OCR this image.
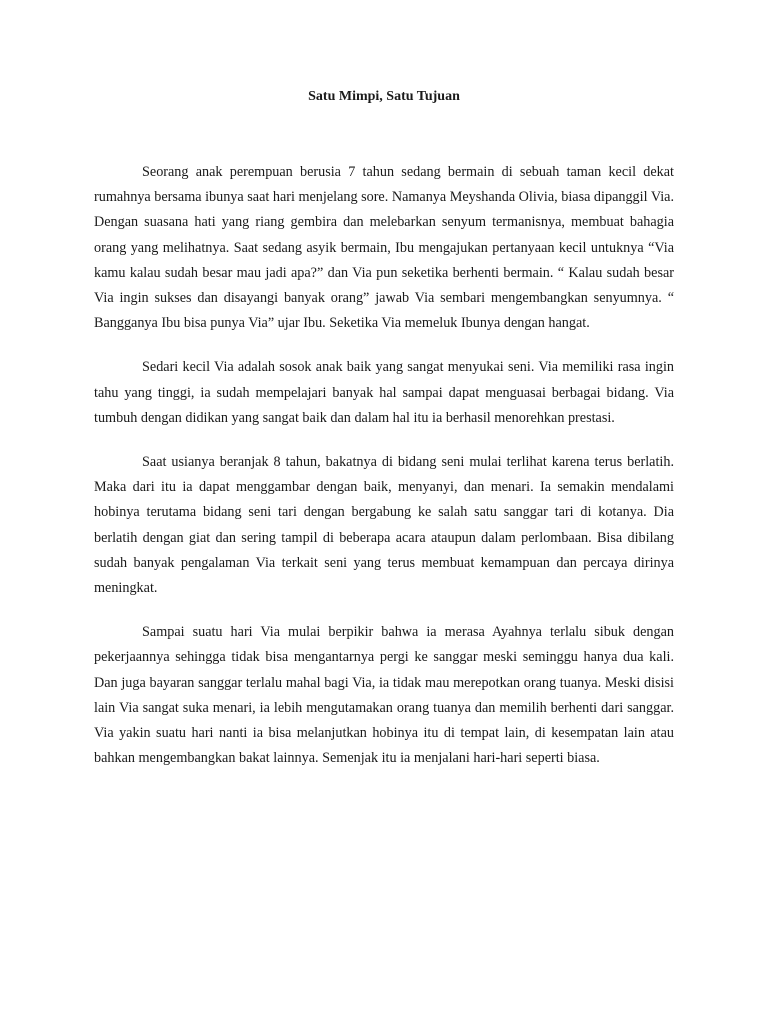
Satu Mimpi, Satu Tujuan

Seorang anak perempuan berusia 7 tahun sedang bermain di sebuah taman kecil dekat rumahnya bersama ibunya saat hari menjelang sore. Namanya Meyshanda Olivia, biasa dipanggil Via. Dengan suasana hati yang riang gembira dan melebarkan senyum termanisnya, membuat bahagia orang yang melihatnya. Saat sedang asyik bermain, Ibu mengajukan pertanyaan kecil untuknya “Via kamu kalau sudah besar mau jadi apa?” dan Via pun seketika berhenti bermain. “ Kalau sudah besar Via ingin sukses dan disayangi banyak orang” jawab Via sembari mengembangkan senyumnya. “ Bangganya Ibu bisa punya Via” ujar Ibu. Seketika Via memeluk Ibunya dengan hangat.

Sedari kecil Via adalah sosok anak baik yang sangat menyukai seni. Via memiliki rasa ingin tahu yang tinggi, ia sudah mempelajari banyak hal sampai dapat menguasai berbagai bidang. Via tumbuh dengan didikan yang sangat baik dan dalam hal itu ia berhasil menorehkan prestasi.

Saat usianya beranjak 8 tahun, bakatnya di bidang seni mulai terlihat karena terus berlatih. Maka dari itu ia dapat menggambar dengan baik, menyanyi, dan menari. Ia semakin mendalami hobinya terutama bidang seni tari dengan bergabung ke salah satu sanggar tari di kotanya. Dia berlatih dengan giat dan sering tampil di beberapa acara ataupun dalam perlombaan. Bisa dibilang sudah banyak pengalaman Via terkait seni yang terus membuat kemampuan dan percaya dirinya meningkat.

Sampai suatu hari Via mulai berpikir bahwa ia merasa Ayahnya terlalu sibuk dengan pekerjaannya sehingga tidak bisa mengantarnya pergi ke sanggar meski seminggu hanya dua kali. Dan juga bayaran sanggar terlalu mahal bagi Via, ia tidak mau merepotkan orang tuanya. Meski disisi lain Via sangat suka menari, ia lebih mengutamakan orang tuanya dan memilih berhenti dari sanggar. Via yakin suatu hari nanti ia bisa melanjutkan hobinya itu di tempat lain, di kesempatan lain atau bahkan mengembangkan bakat lainnya. Semenjak itu ia menjalani hari-hari seperti biasa.
